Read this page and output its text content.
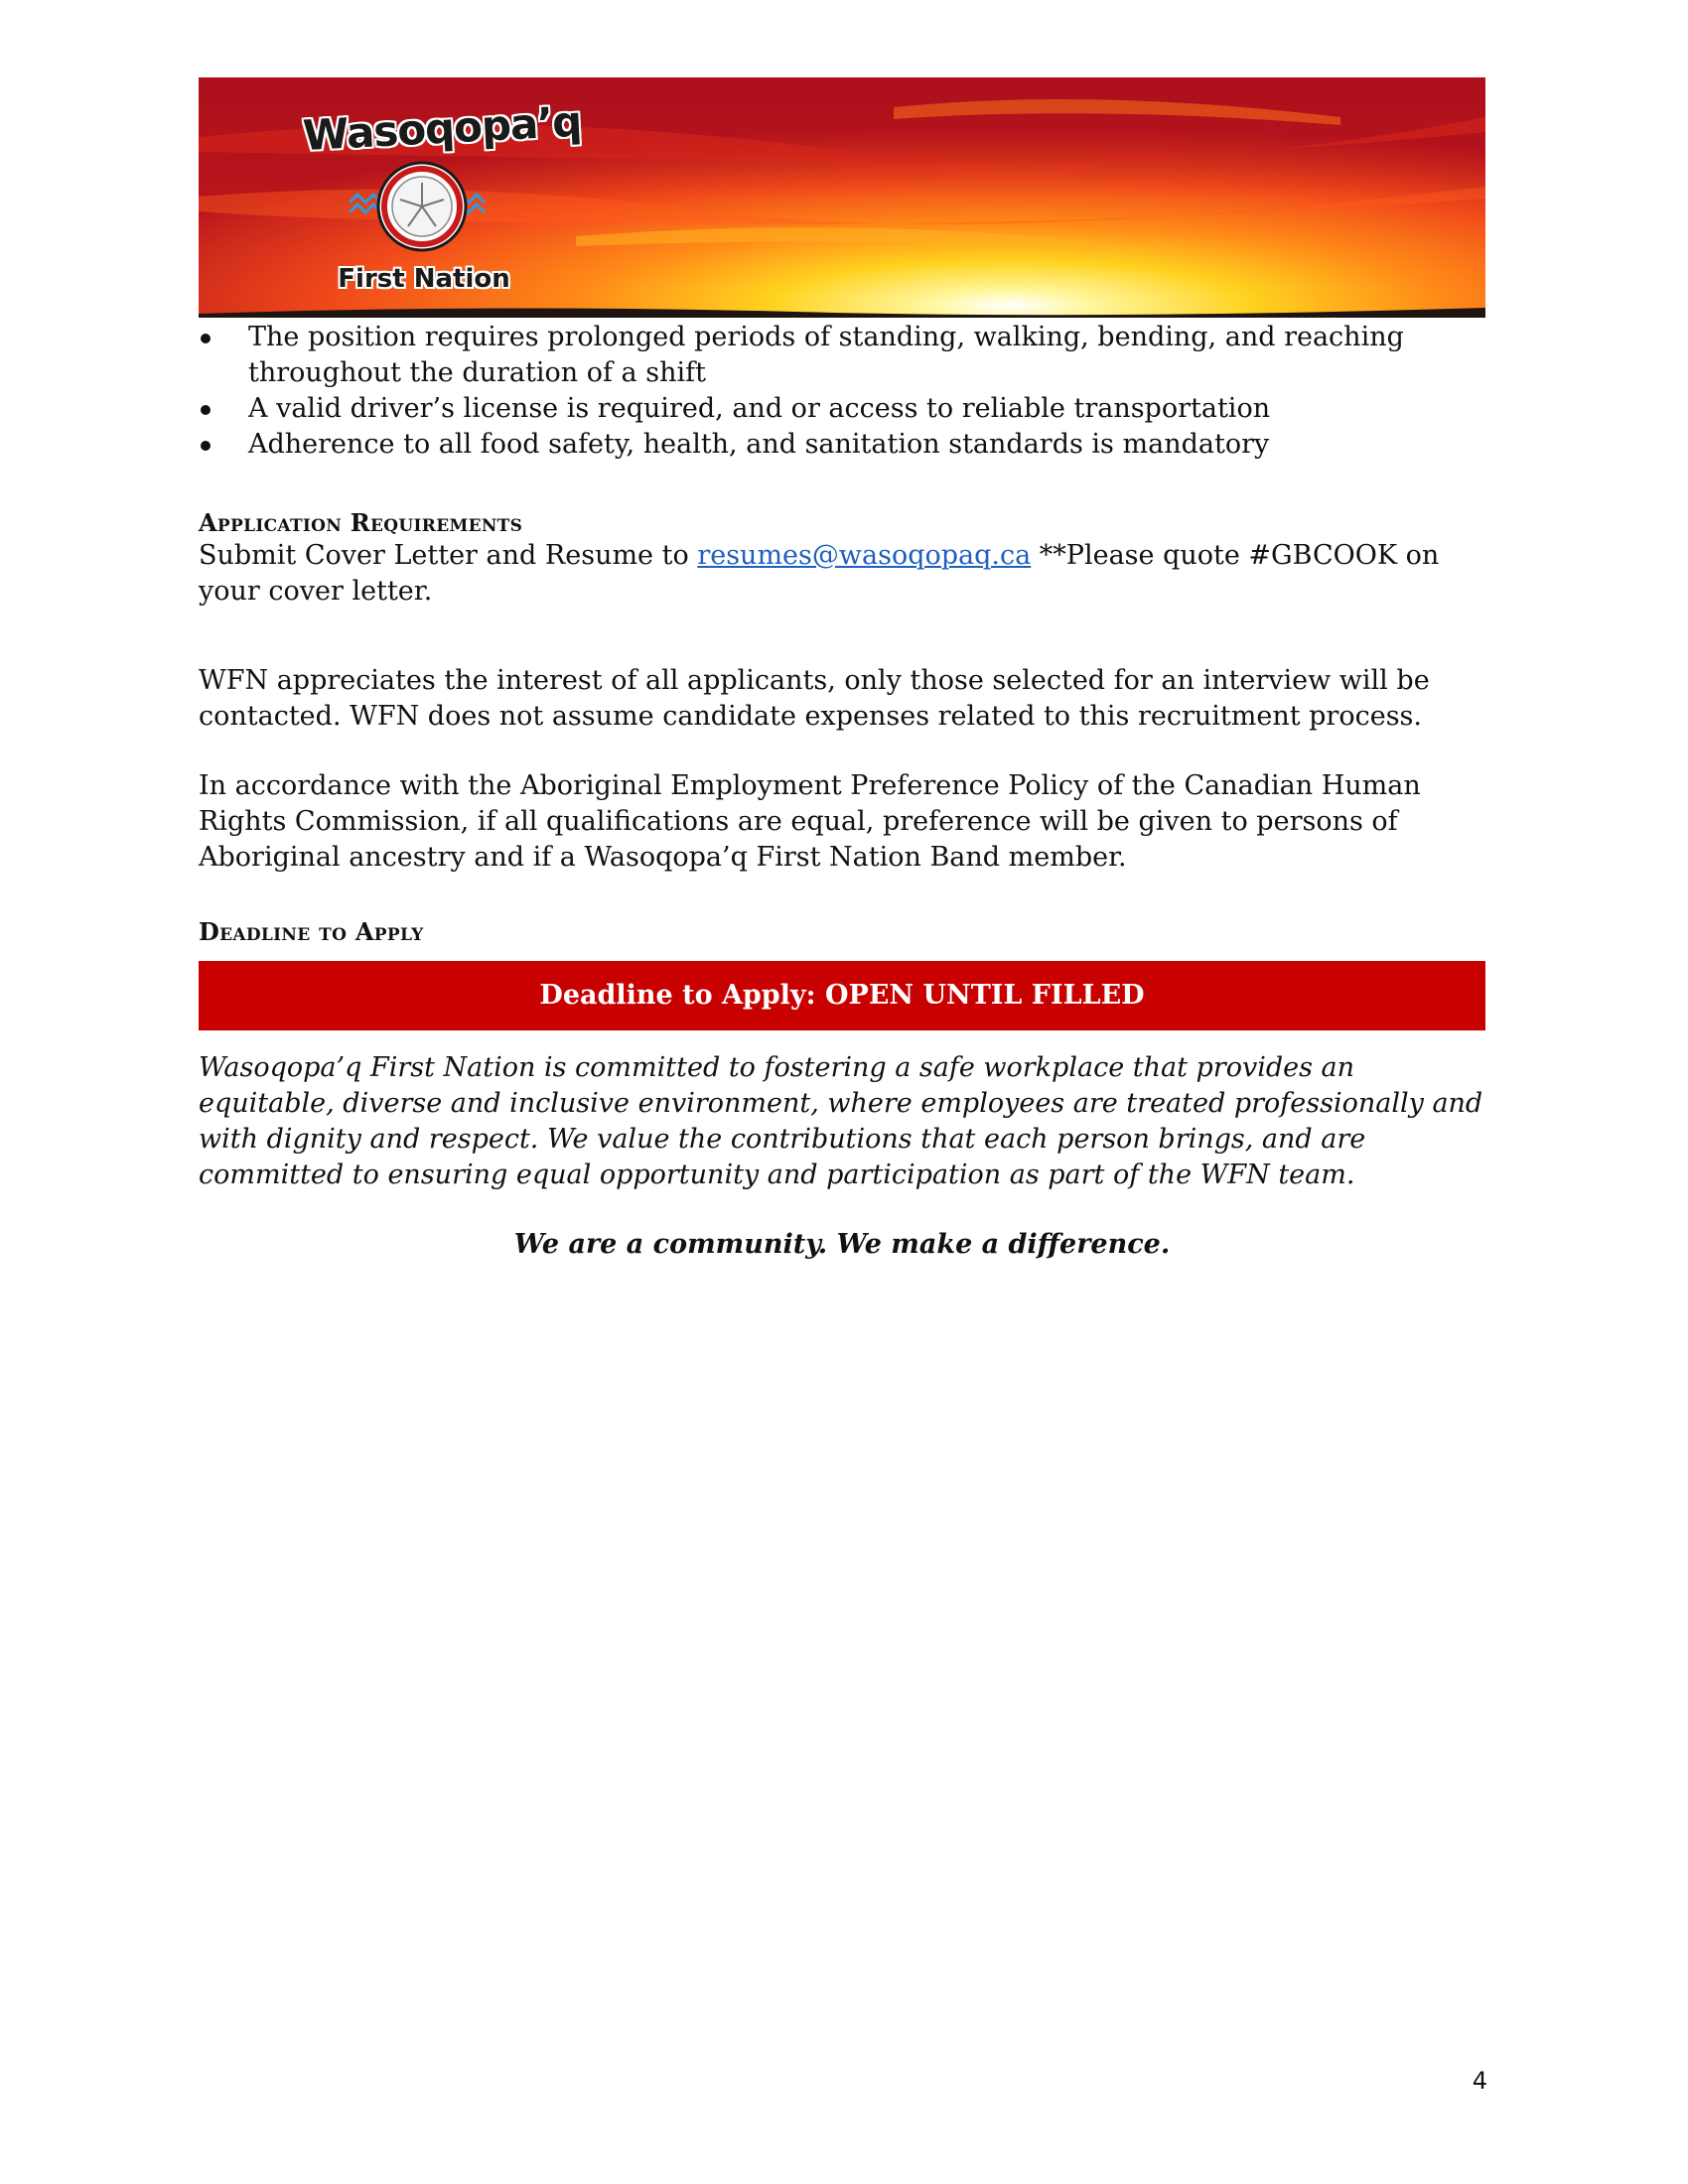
Wasoqopa’q
First Nation
The position requires prolonged periods of standing, walking, bending, and reaching throughout the duration of a shift
A valid driver’s license is required, and or access to reliable transportation
Adherence to all food safety, health, and sanitation standards is mandatory
Application Requirements

Submit Cover Letter and Resume to resumes@wasoqopaq.ca **Please quote #GBCOOK on your cover letter.

WFN appreciates the interest of all applicants, only those selected for an interview will be contacted. WFN does not assume candidate expenses related to this recruitment process.

In accordance with the Aboriginal Employment Preference Policy of the Canadian Human Rights Commission, if all qualifications are equal, preference will be given to persons of Aboriginal ancestry and if a Wasoqopa’q First Nation Band member.

Deadline to Apply
Deadline to Apply: OPEN UNTIL FILLED

Wasoqopa’q First Nation is committed to fostering a safe workplace that provides an equitable, diverse and inclusive environment, where employees are treated professionally and with dignity and respect. We value the contributions that each person brings, and are committed to ensuring equal opportunity and participation as part of the WFN team.

We are a community. We make a difference.

4
